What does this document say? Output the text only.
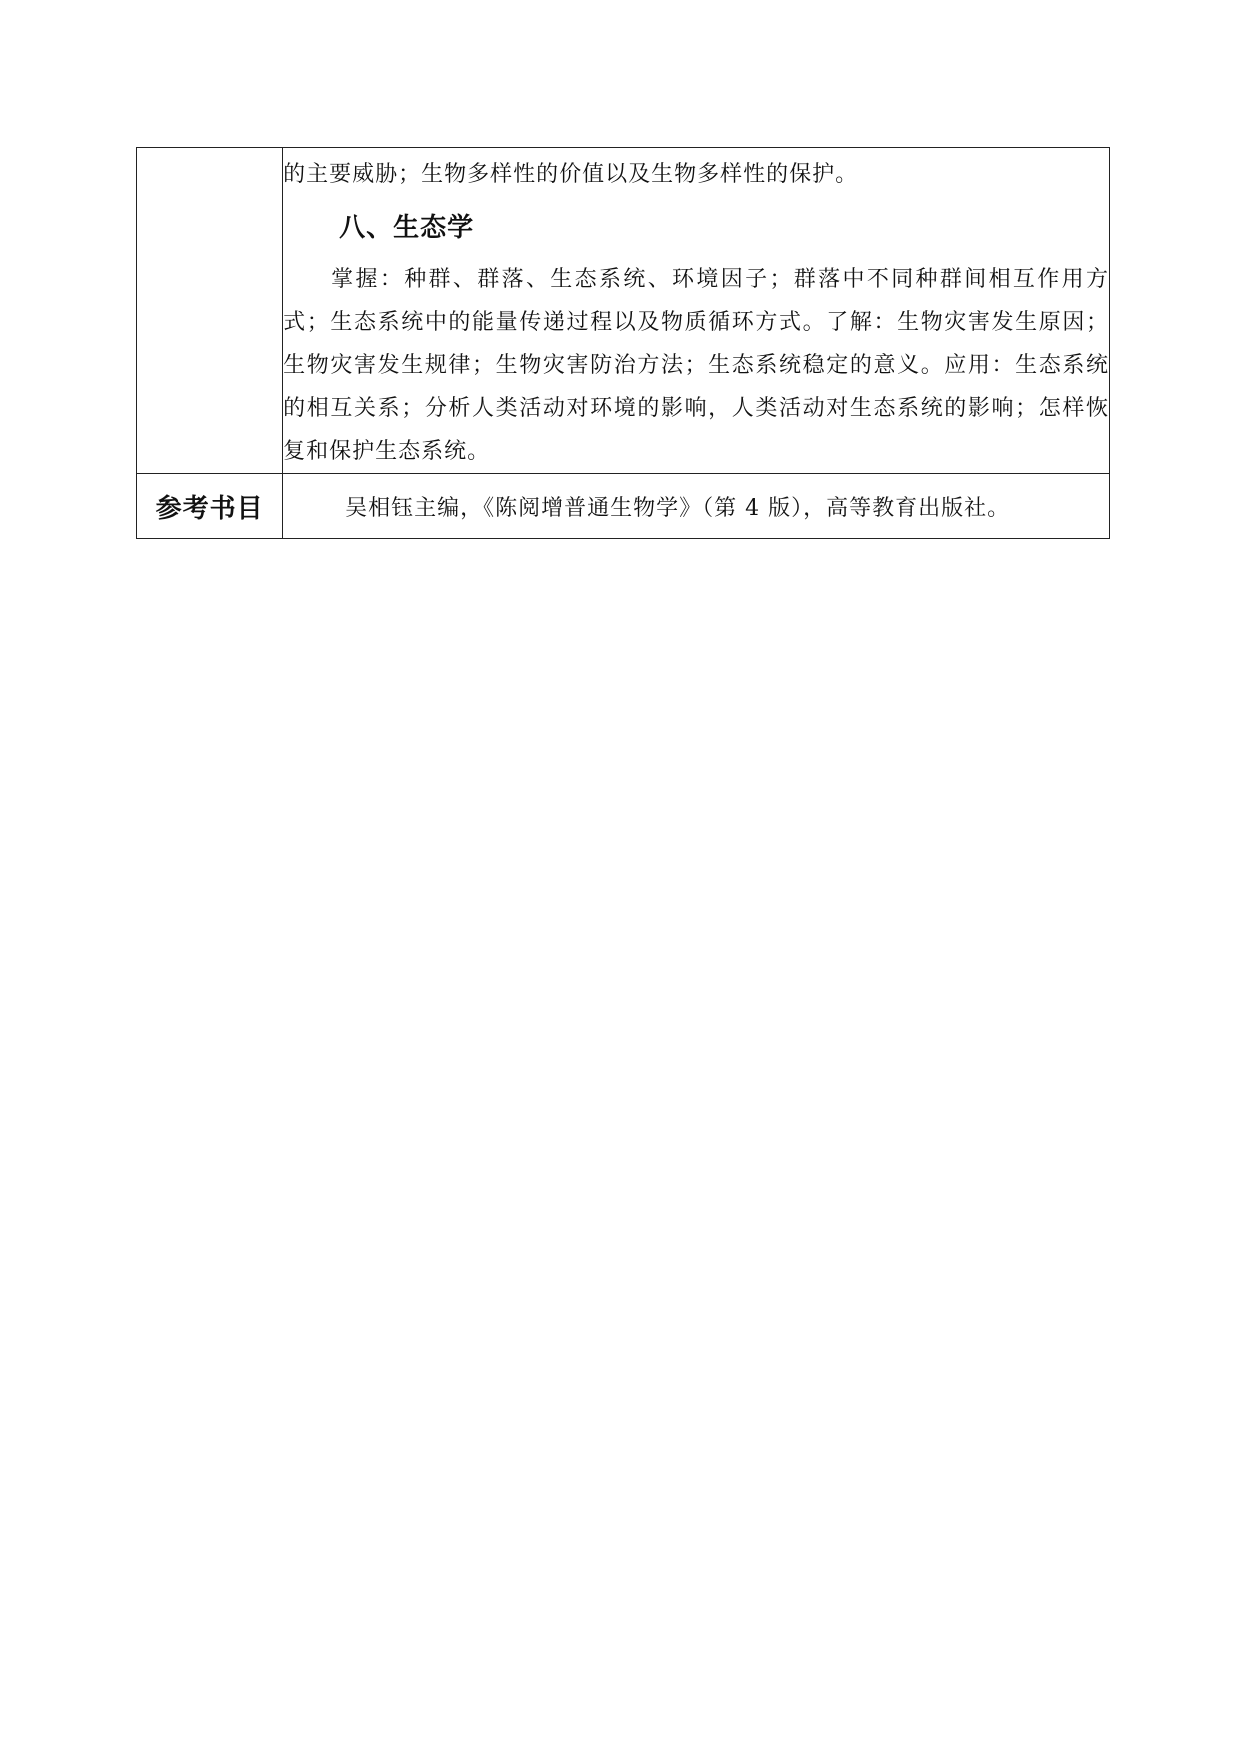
	的主要威胁；生物多样性的价值以及生物多样性的保护。

八、生态学

掌握：种群、群落、生态系统、环境因子；群落中不同种群间相互作用方式；生态系统中的能量传递过程以及物质循环方式。了解：生物灾害发生原因；生物灾害发生规律；生物灾害防治方法；生态系统稳定的意义。应用：生态系统的相互关系；分析人类活动对环境的影响，人类活动对生态系统的影响；怎样恢复和保护生态系统。

参考书目	吴相钰主编，《陈阅增普通生物学》（第 4 版），高等教育出版社。
